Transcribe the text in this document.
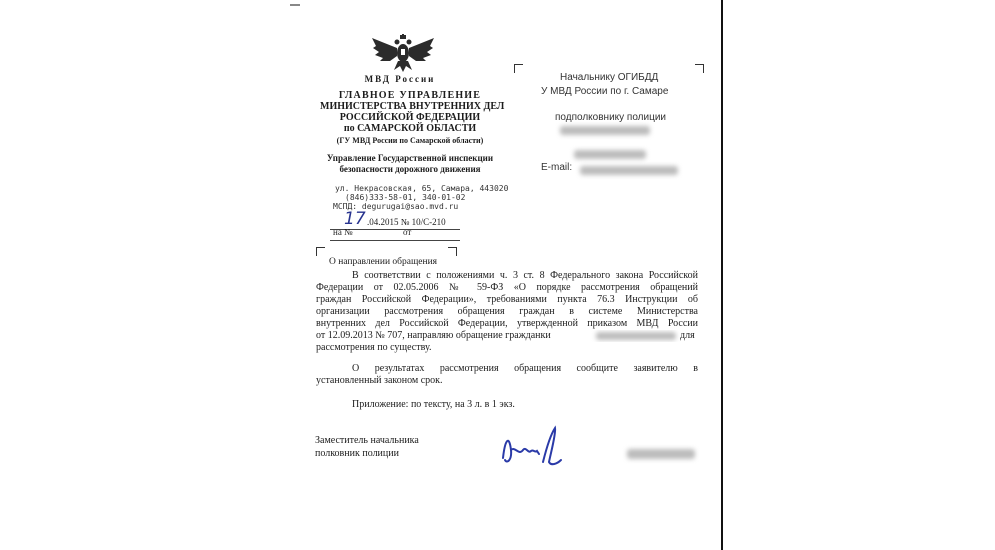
МВД России
ГЛАВНОЕ УПРАВЛЕНИЕ
МИНИСТЕРСТВА ВНУТРЕННИХ ДЕЛ
РОССИЙСКОЙ ФЕДЕРАЦИИ
по САМАРСКОЙ ОБЛАСТИ
(ГУ МВД России по Самарской области)
Управление Государственной инспекции
безопасности дорожного движения
ул. Некрасовская, 65, Самара, 443020
(846)333-58-01, 340-01-02
МСПД: degurugai@sao.mvd.ru
17 .04.2015 № 10/С-210
на №	от
Начальнику ОГИБДД
У МВД России по г. Самаре
подполковнику полиции
E-mail:
О направлении обращения
В соответствии с положениями ч. 3 ст. 8 Федерального закона Российской
Федерации от 02.05.2006 № 59-ФЗ «О порядке рассмотрения обращений
граждан Российской Федерации», требованиями пункта 76.3 Инструкции об
организации рассмотрения обращения граждан в системе Министерства
внутренних дел Российской Федерации, утвержденной приказом МВД России
от 12.09.2013 № 707, направляю обращение гражданки	для
рассмотрения по существу.
О результатах рассмотрения обращения сообщите заявителю в
установленный законом срок.
Приложение: по тексту, на 3 л. в 1 экз.
Заместитель начальника
полковник полиции
